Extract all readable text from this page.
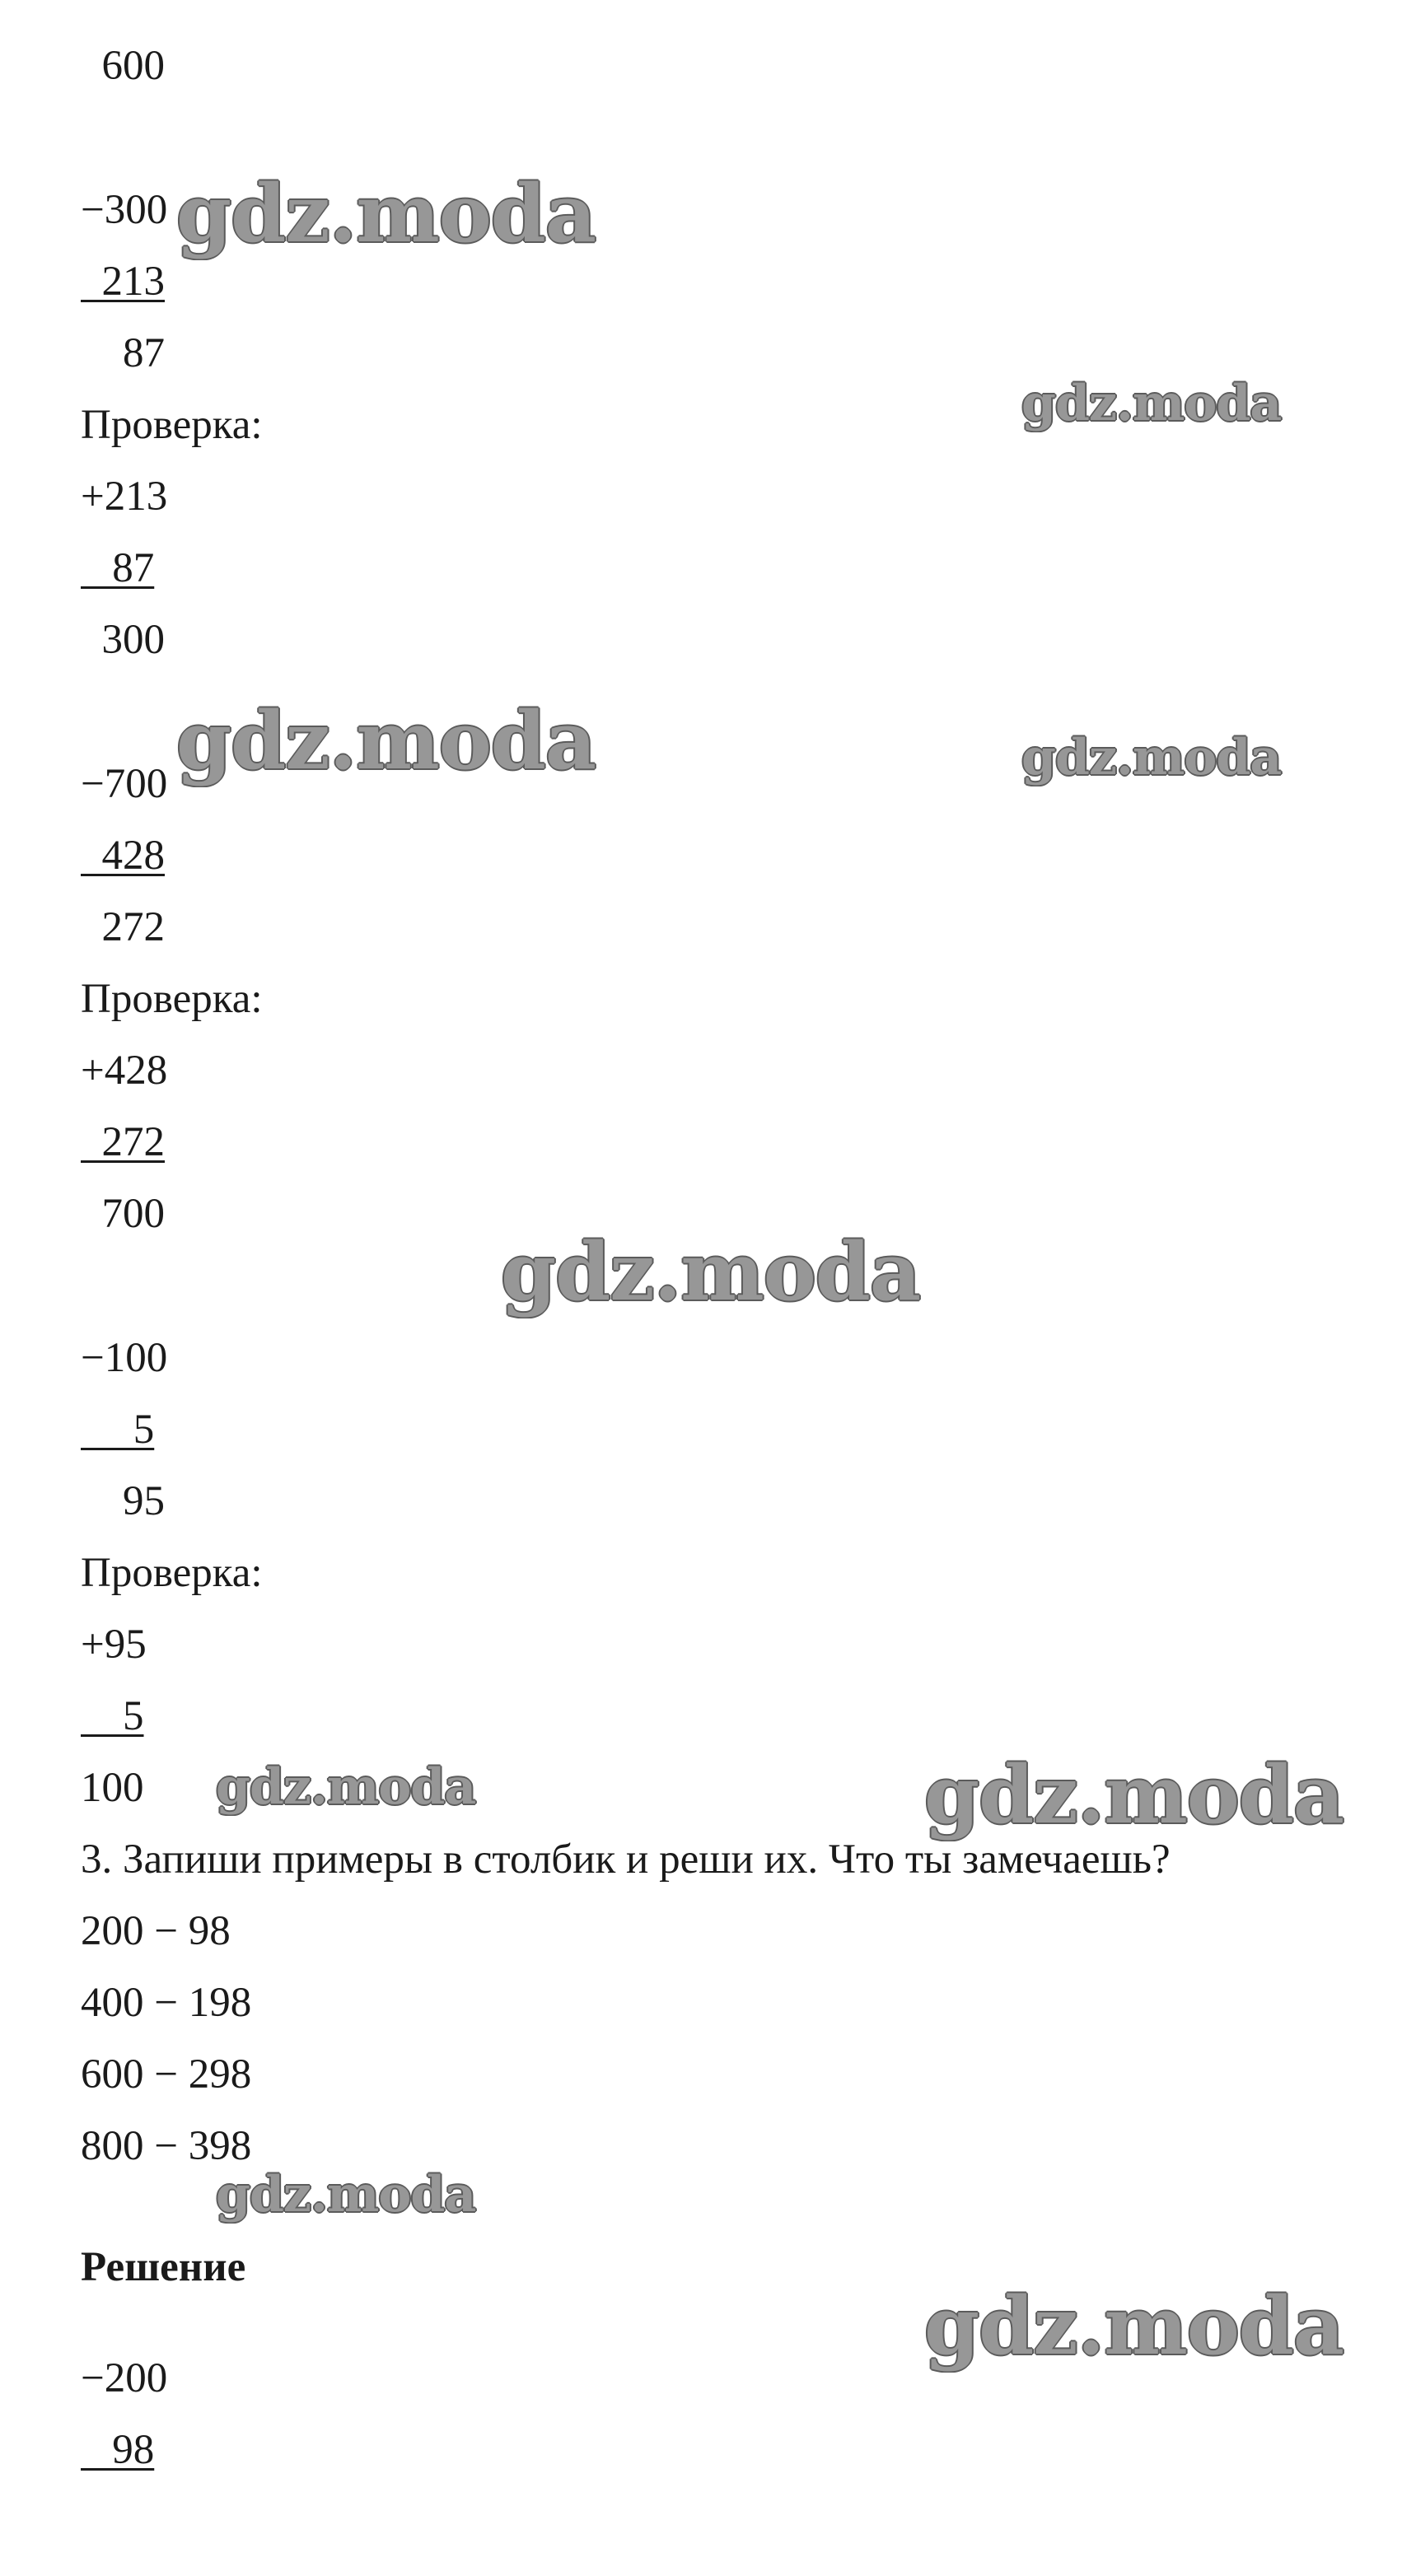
600
−300
213
87
Проверка:
+213
87
300
−700
428
272
Проверка:
+428
272
700
−100
5
95
Проверка:
+95
5
100
3. Запиши примеры в столбик и реши их. Что ты замечаешь?
200 − 98
400 − 198
600 − 298
800 − 398
Решение
−200
98
gdz.moda
gdz.moda
gdz.moda	gdz.moda
gdz.moda
gdz.moda	gdz.moda
gdz.moda
gdz.moda
